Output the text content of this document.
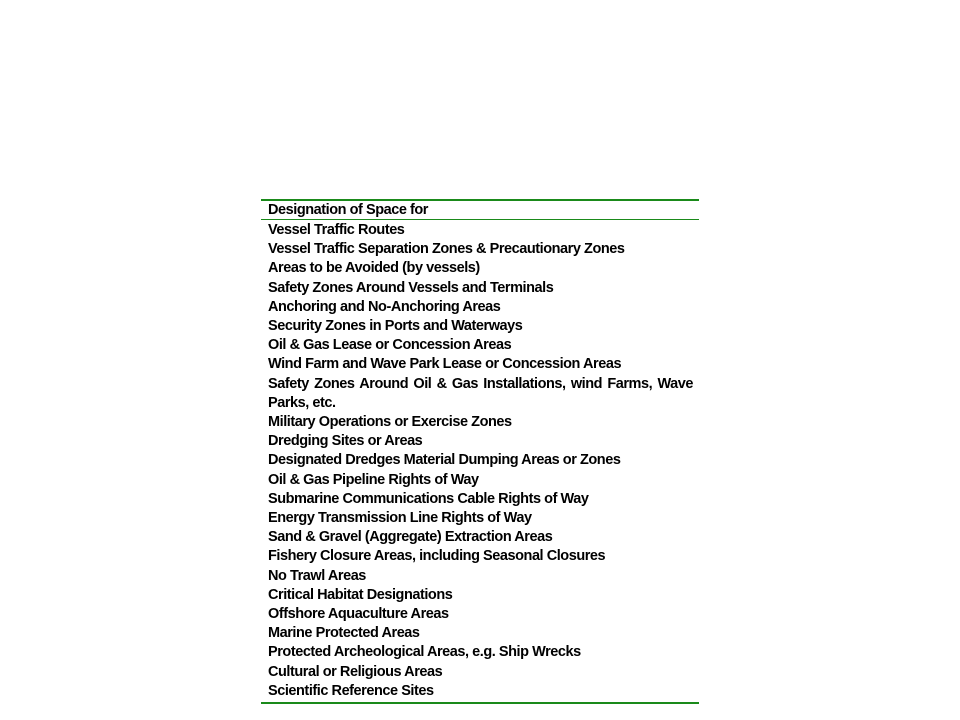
Designation of Space for
Vessel Traffic Routes
Vessel Traffic Separation Zones & Precautionary Zones
Areas to be Avoided (by vessels)
Safety Zones Around Vessels and Terminals
Anchoring and No-Anchoring Areas
Security Zones in Ports and Waterways
Oil & Gas Lease or Concession Areas
Wind Farm and Wave Park Lease or Concession Areas
Safety Zones Around Oil & Gas Installations, wind Farms, Wave Parks, etc.
Military Operations or Exercise Zones
Dredging Sites or Areas
Designated Dredges Material Dumping Areas or Zones
Oil & Gas Pipeline Rights of Way
Submarine Communications Cable Rights of Way
Energy Transmission Line Rights of Way
Sand & Gravel (Aggregate) Extraction Areas
Fishery Closure Areas, including Seasonal Closures
No Trawl Areas
Critical Habitat Designations
Offshore Aquaculture Areas
Marine Protected Areas
Protected Archeological Areas, e.g. Ship Wrecks
Cultural or Religious Areas
Scientific Reference Sites
